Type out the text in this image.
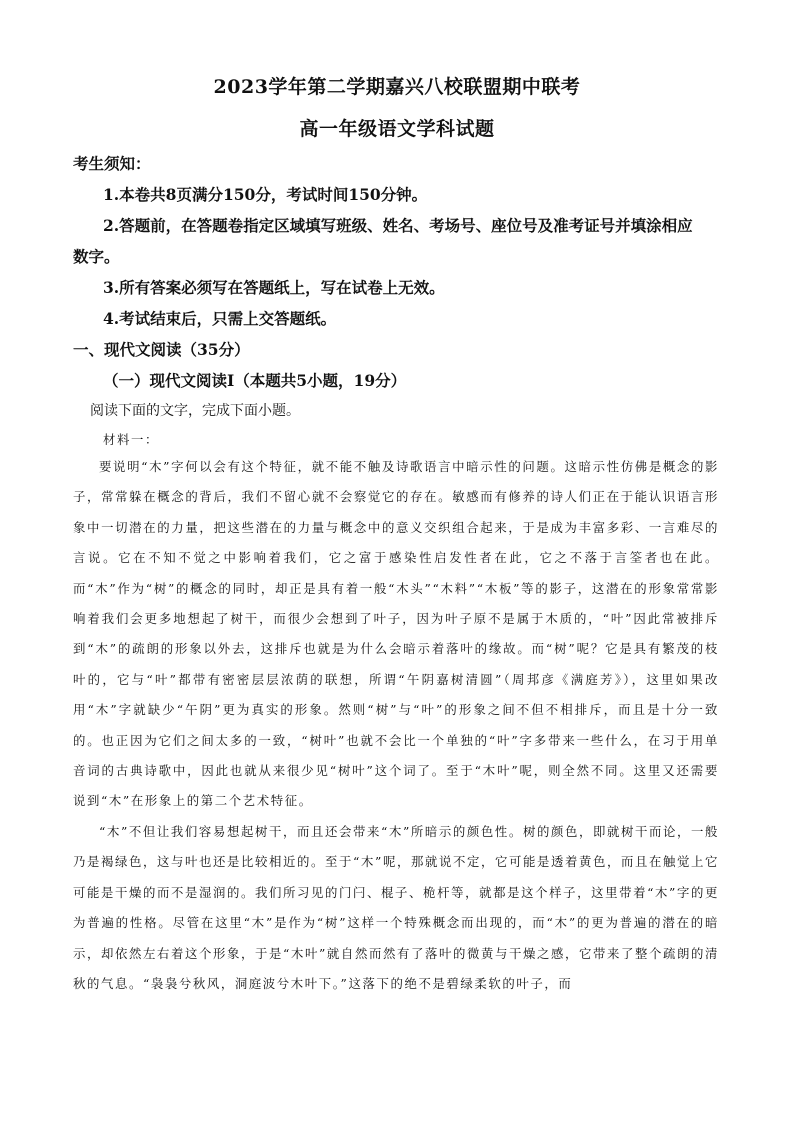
2023学年第二学期嘉兴八校联盟期中联考
高一年级语文学科试题
考生须知：
1.本卷共8页满分150分，考试时间150分钟。
2.答题前，在答题卷指定区域填写班级、姓名、考场号、座位号及准考证号并填涂相应
数字。
3.所有答案必须写在答题纸上，写在试卷上无效。
4.考试结束后，只需上交答题纸。
一、现代文阅读（35分）
（一）现代文阅读Ⅰ（本题共5小题，19分）
阅读下面的文字，完成下面小题。
材料一：

要说明“木”字何以会有这个特征，就不能不触及诗歌语言中暗示性的问题。这暗示性仿佛是概念的影子，常常躲在概念的背后，我们不留心就不会察觉它的存在。敏感而有修养的诗人们正在于能认识语言形象中一切潜在的力量，把这些潜在的力量与概念中的意义交织组合起来，于是成为丰富多彩、一言难尽的言说。它在不知不觉之中影响着我们，它之富于感染性启发性者在此，它之不落于言筌者也在此。而“木”作为“树”的概念的同时，却正是具有着一般“木头”“木料”“木板”等的影子，这潜在的形象常常影响着我们会更多地想起了树干，而很少会想到了叶子，因为叶子原不是属于木质的，“叶”因此常被排斥到“木”的疏朗的形象以外去，这排斥也就是为什么会暗示着落叶的缘故。而“树”呢？它是具有繁茂的枝叶的，它与“叶”都带有密密层层浓荫的联想，所谓“午阴嘉树清圆”（周邦彦《满庭芳》），这里如果改用“木”字就缺少“午阴”更为真实的形象。然则“树”与“叶”的形象之间不但不相排斥，而且是十分一致的。也正因为它们之间太多的一致，“树叶”也就不会比一个单独的“叶”字多带来一些什么，在习于用单音词的古典诗歌中，因此也就从来很少见“树叶”这个词了。至于“木叶”呢，则全然不同。这里又还需要说到“木”在形象上的第二个艺术特征。

“木”不但让我们容易想起树干，而且还会带来“木”所暗示的颜色性。树的颜色，即就树干而论，一般乃是褐绿色，这与叶也还是比较相近的。至于“木”呢，那就说不定，它可能是透着黄色，而且在触觉上它可能是干燥的而不是湿润的。我们所习见的门闩、棍子、桅杆等，就都是这个样子，这里带着“木”字的更为普遍的性格。尽管在这里“木”是作为“树”这样一个特殊概念而出现的，而“木”的更为普遍的潜在的暗示，却依然左右着这个形象，于是“木叶”就自然而然有了落叶的微黄与干燥之感，它带来了整个疏朗的清秋的气息。“袅袅兮秋风，洞庭波兮木叶下。”这落下的绝不是碧绿柔软的叶子，而
